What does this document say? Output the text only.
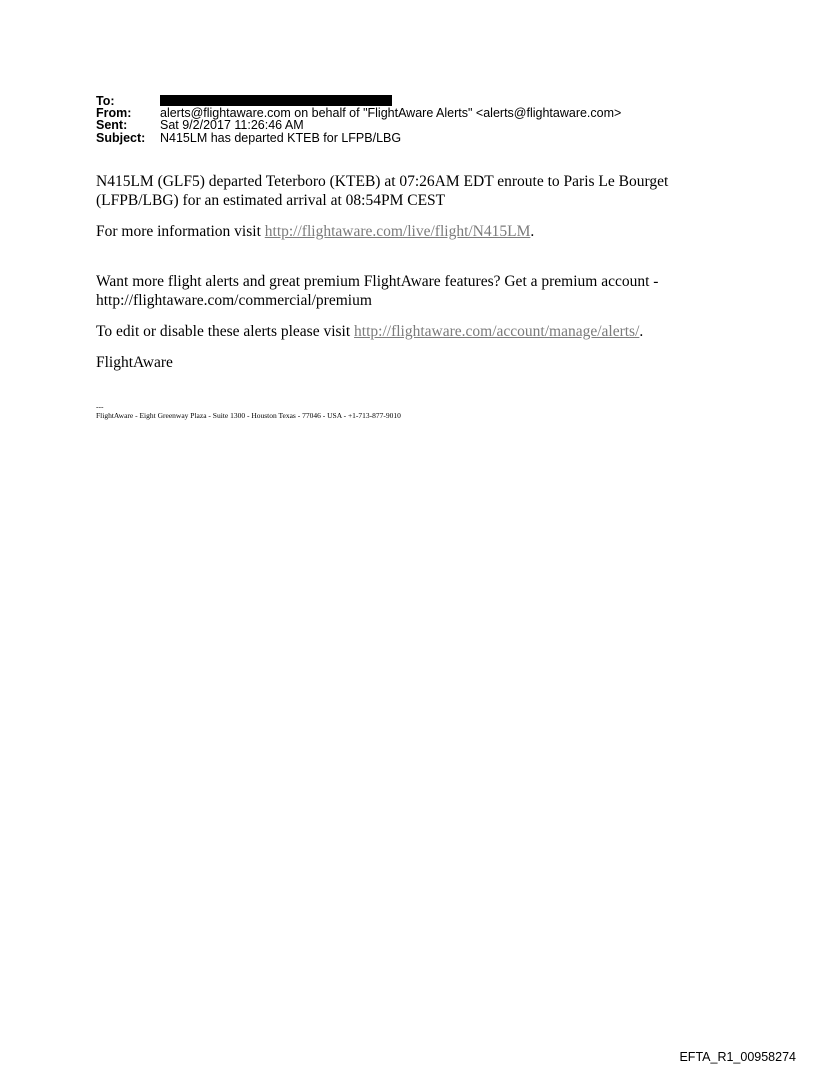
To:
From:	alerts@flightaware.com on behalf of "FlightAware Alerts" <alerts@flightaware.com>
Sent:	Sat 9/2/2017 11:26:46 AM
Subject:	N415LM has departed KTEB for LFPB/LBG

N415LM (GLF5) departed Teterboro (KTEB) at 07:26AM EDT enroute to Paris Le Bourget
(LFPB/LBG) for an estimated arrival at 08:54PM CEST

For more information visit http://flightaware.com/live/flight/N415LM.

Want more flight alerts and great premium FlightAware features? Get a premium account -
http://flightaware.com/commercial/premium

To edit or disable these alerts please visit http://flightaware.com/account/manage/alerts/.

FlightAware

---
FlightAware - Eight Greenway Plaza - Suite 1300 - Houston Texas - 77046 - USA - +1-713-877-9010
EFTA_R1_00958274
